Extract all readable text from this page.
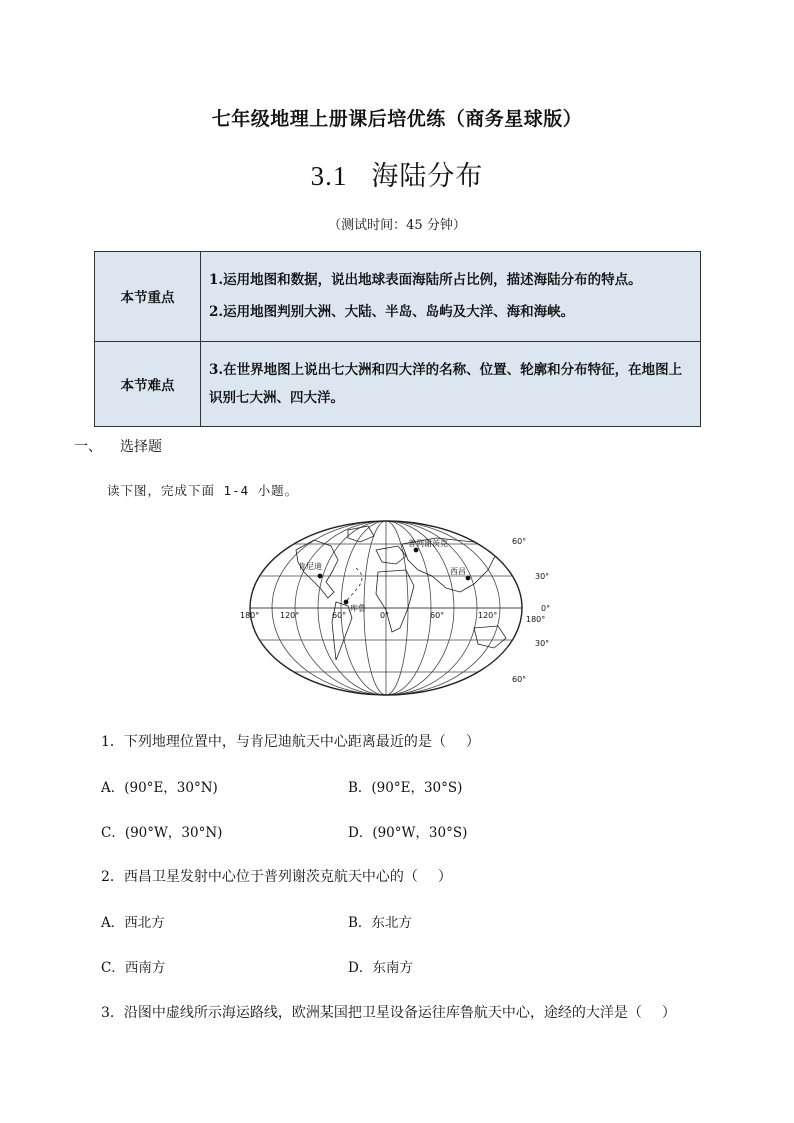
七年级地理上册课后培优练（商务星球版）
3.1 海陆分布
（测试时间：45 分钟）
本节重点	1.运用地图和数据，说出地球表面海陆所占比例，描述海陆分布的特点。

2.运用地图判别大洲、大陆、半岛、岛屿及大洋、海和海峡。

本节难点	3.在世界地图上说出七大洲和四大洋的名称、位置、轮廓和分布特征，在地图上识别七大洲、四大洋。

一、 选择题
读下图，完成下面 1-4 小题。
肯尼迪
库鲁
普列谢茨克
西昌
60°
30°
0°
30°
60°
180°	120°	60°	0°	60°	120°	180°
1．下列地理位置中，与肯尼迪航天中心距离最近的是（ ）
A．(90°E，30°N)	B．(90°E，30°S)
C．(90°W，30°N)	D．(90°W，30°S)
2．西昌卫星发射中心位于普列谢茨克航天中心的（ ）
A．西北方	B．东北方
C．西南方	D．东南方
3．沿图中虚线所示海运路线，欧洲某国把卫星设备运往库鲁航天中心，途经的大洋是（ ）
